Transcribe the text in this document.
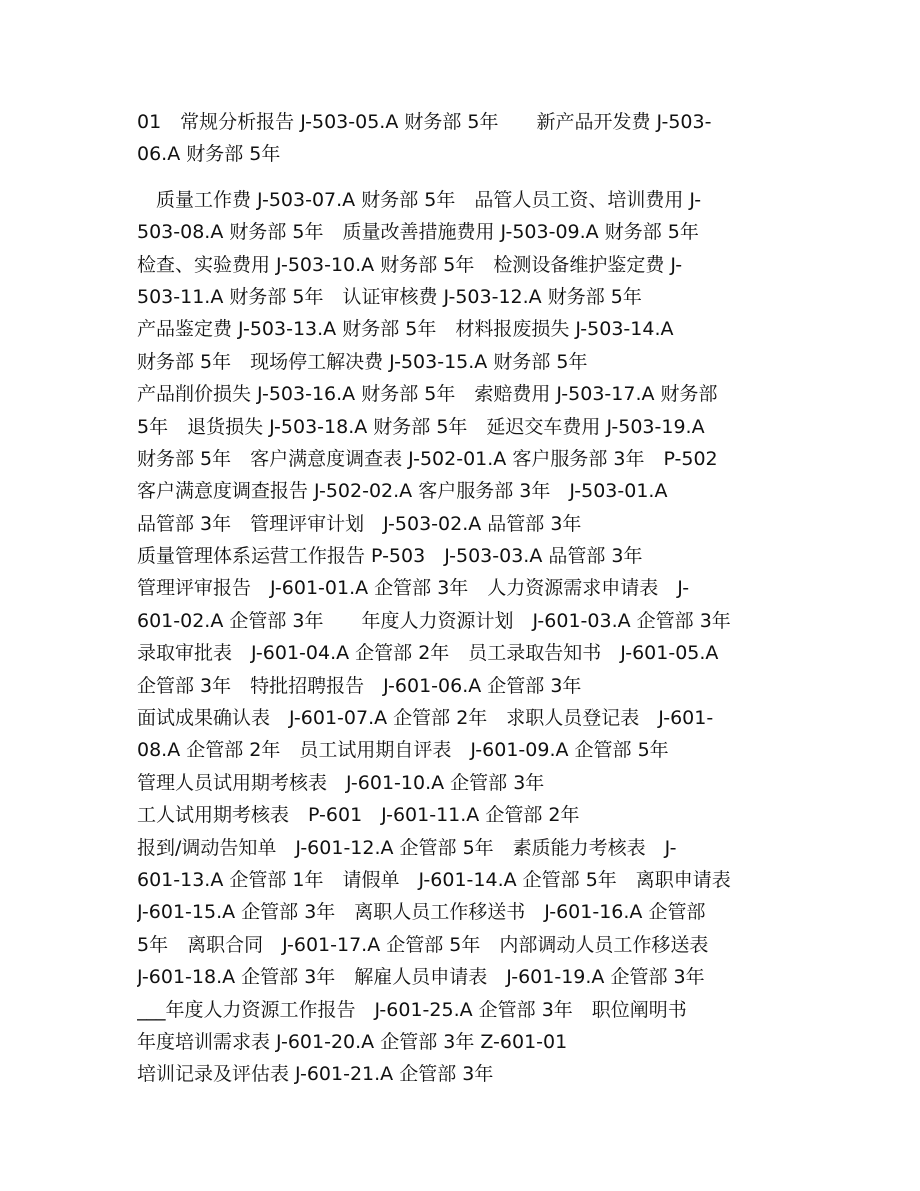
01　常规分析报告 J-503-05.A 财务部 5年　　新产品开发费 J-503-
06.A 财务部 5年
　质量工作费 J-503-07.A 财务部 5年　品管人员工资、培训费用 J-
503-08.A 财务部 5年　质量改善措施费用 J-503-09.A 财务部 5年
检查、实验费用 J-503-10.A 财务部 5年　检测设备维护鉴定费 J-
503-11.A 财务部 5年　认证审核费 J-503-12.A 财务部 5年
产品鉴定费 J-503-13.A 财务部 5年　材料报废损失 J-503-14.A
财务部 5年　现场停工解决费 J-503-15.A 财务部 5年
产品削价损失 J-503-16.A 财务部 5年　索赔费用 J-503-17.A 财务部
5年　退货损失 J-503-18.A 财务部 5年　延迟交车费用 J-503-19.A
财务部 5年　客户满意度调查表 J-502-01.A 客户服务部 3年　P-502
客户满意度调查报告 J-502-02.A 客户服务部 3年　J-503-01.A
品管部 3年　管理评审计划　J-503-02.A 品管部 3年
质量管理体系运营工作报告 P-503　J-503-03.A 品管部 3年
管理评审报告　J-601-01.A 企管部 3年　人力资源需求申请表　J-
601-02.A 企管部 3年　　年度人力资源计划　J-601-03.A 企管部 3年
录取审批表　J-601-04.A 企管部 2年　员工录取告知书　J-601-05.A
企管部 3年　特批招聘报告　J-601-06.A 企管部 3年
面试成果确认表　J-601-07.A 企管部 2年　求职人员登记表　J-601-
08.A 企管部 2年　员工试用期自评表　J-601-09.A 企管部 5年
管理人员试用期考核表　J-601-10.A 企管部 3年
工人试用期考核表　P-601　J-601-11.A 企管部 2年
报到/调动告知单　J-601-12.A 企管部 5年　素质能力考核表　J-
601-13.A 企管部 1年　请假单　J-601-14.A 企管部 5年　离职申请表
J-601-15.A 企管部 3年　离职人员工作移送书　J-601-16.A 企管部
5年　离职合同　J-601-17.A 企管部 5年　内部调动人员工作移送表
J-601-18.A 企管部 3年　解雇人员申请表　J-601-19.A 企管部 3年
___年度人力资源工作报告　J-601-25.A 企管部 3年　职位阐明书
年度培训需求表 J-601-20.A 企管部 3年 Z-601-01
培训记录及评估表 J-601-21.A 企管部 3年
